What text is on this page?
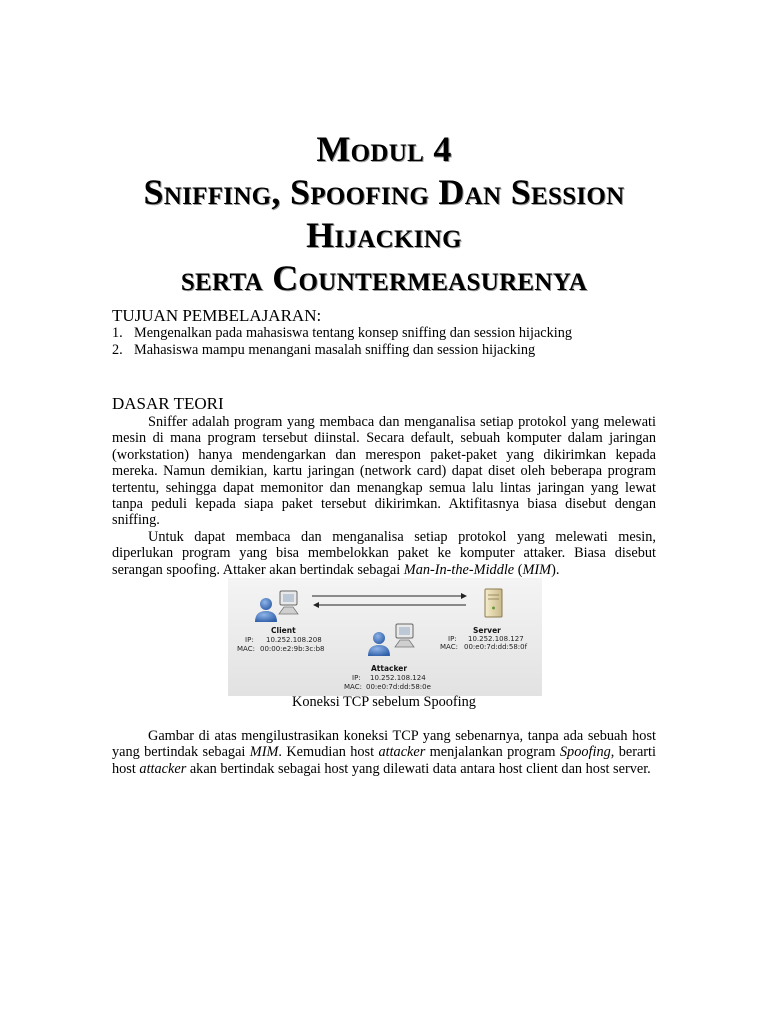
Modul 4
Sniffing, Spoofing Dan Session
Hijacking
serta Countermeasurenya
TUJUAN PEMBELAJARAN:
1. Mengenalkan pada mahasiswa tentang konsep sniffing dan session hijacking
2. Mahasiswa mampu menangani masalah sniffing dan session hijacking
DASAR TEORI

Sniffer adalah program yang membaca dan menganalisa setiap protokol yang melewati mesin di mana program tersebut diinstal. Secara default, sebuah komputer dalam jaringan (workstation) hanya mendengarkan dan merespon paket-paket yang dikirimkan kepada mereka. Namun demikian, kartu jaringan (network card) dapat diset oleh beberapa program tertentu, sehingga dapat memonitor dan menangkap semua lalu lintas jaringan yang lewat tanpa peduli kepada siapa paket tersebut dikirimkan. Aktifitasnya biasa disebut dengan sniffing.

Untuk dapat membaca dan menganalisa setiap protokol yang melewati mesin, diperlukan program yang bisa membelokkan paket ke komputer attaker. Biasa disebut serangan spoofing. Attaker akan bertindak sebagai Man-In-the-Middle (MIM).

Client
IP: 10.252.108.208
MAC: 00:00:e2:9b:3c:b8
Server
IP: 10.252.108.127
MAC: 00:e0:7d:dd:58:0f
Attacker
IP: 10.252.108.124
MAC: 00:e0:7d:dd:58:0e
Koneksi TCP sebelum Spoofing

Gambar di atas mengilustrasikan koneksi TCP yang sebenarnya, tanpa ada sebuah host yang bertindak sebagai MIM. Kemudian host attacker menjalankan program Spoofing, berarti host attacker akan bertindak sebagai host yang dilewati data antara host client dan host server.
